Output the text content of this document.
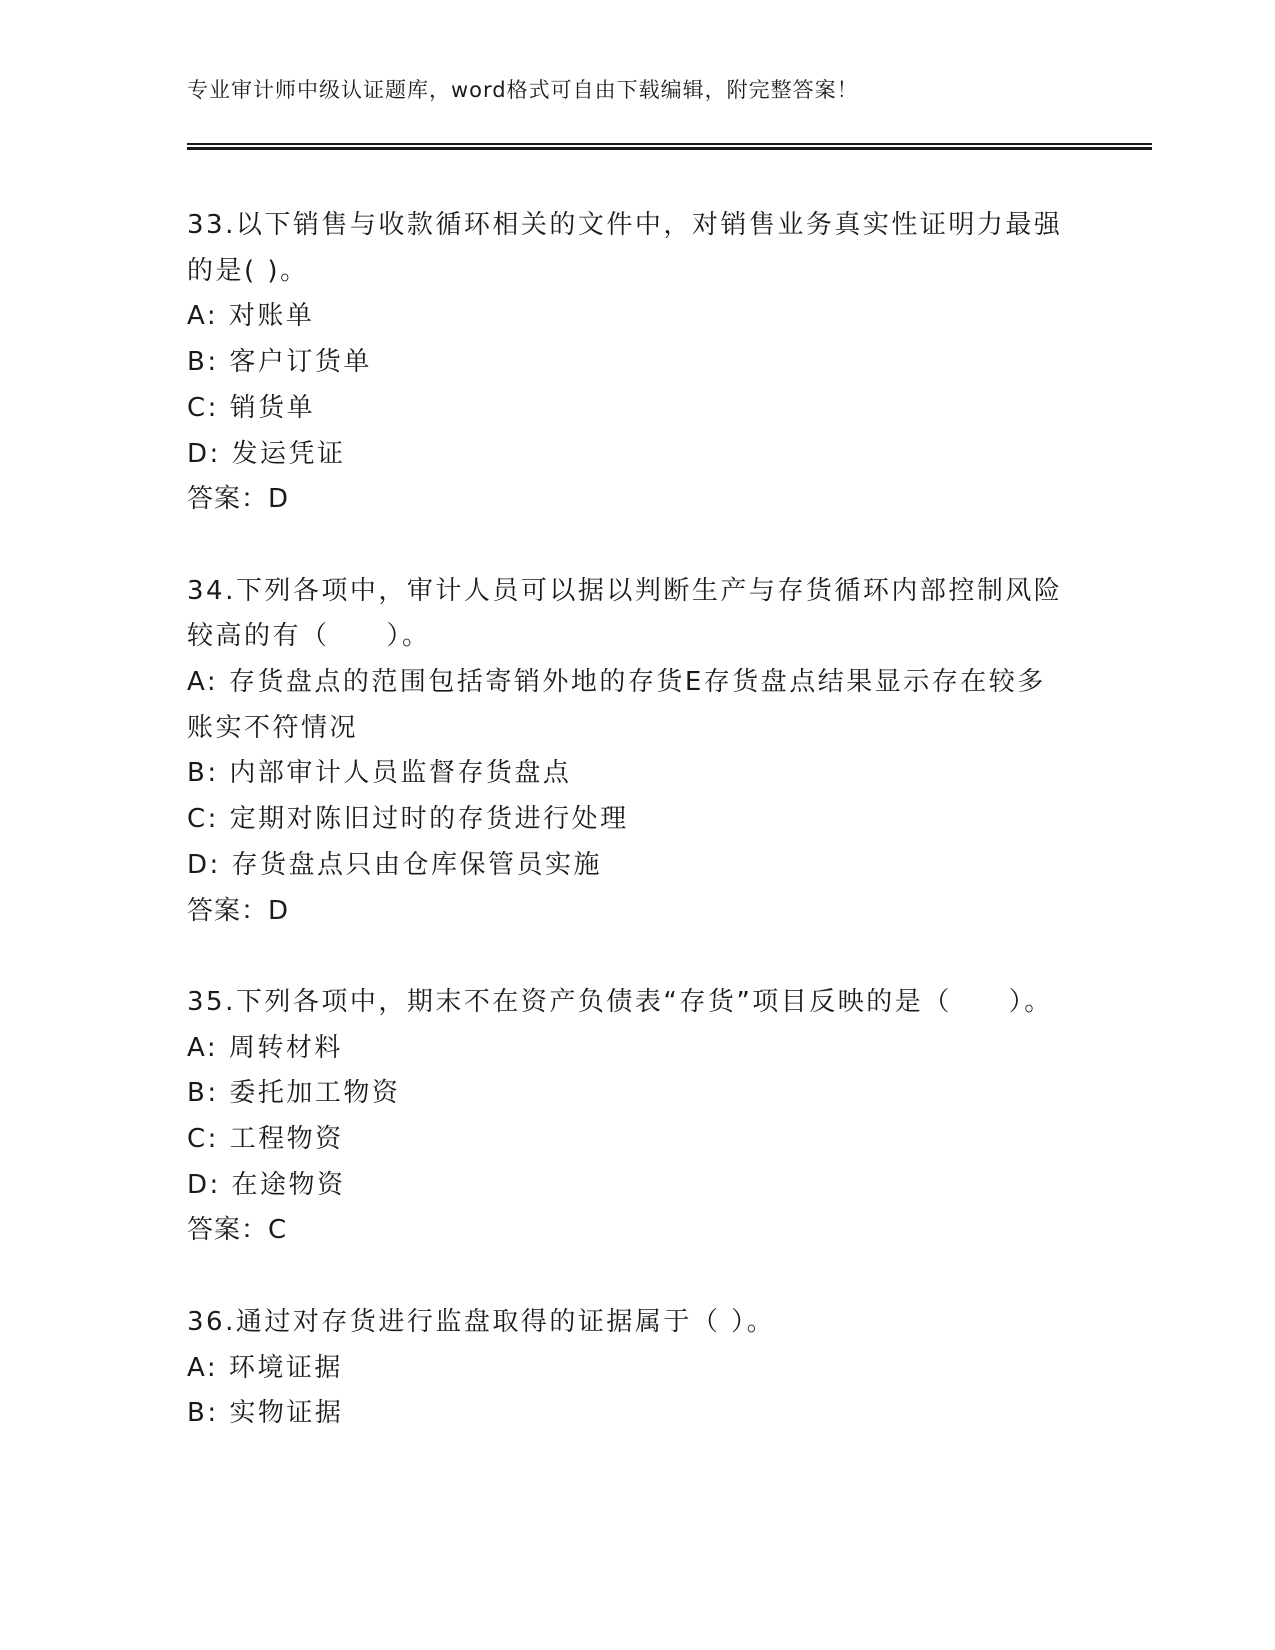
专业审计师中级认证题库，word格式可自由下载编辑，附完整答案！

33.以下销售与收款循环相关的文件中，对销售业务真实性证明力最强的是( )。

A: 对账单

B: 客户订货单

C: 销货单

D: 发运凭证

答案：D

34.下列各项中，审计人员可以据以判断生产与存货循环内部控制风险较高的有（　　）。

A: 存货盘点的范围包括寄销外地的存货E存货盘点结果显示存在较多账实不符情况

B: 内部审计人员监督存货盘点

C: 定期对陈旧过时的存货进行处理

D: 存货盘点只由仓库保管员实施

答案：D

35.下列各项中，期末不在资产负债表“存货”项目反映的是（　　）。

A: 周转材料

B: 委托加工物资

C: 工程物资

D: 在途物资

答案：C

36.通过对存货进行监盘取得的证据属于（ ）。

A: 环境证据

B: 实物证据
